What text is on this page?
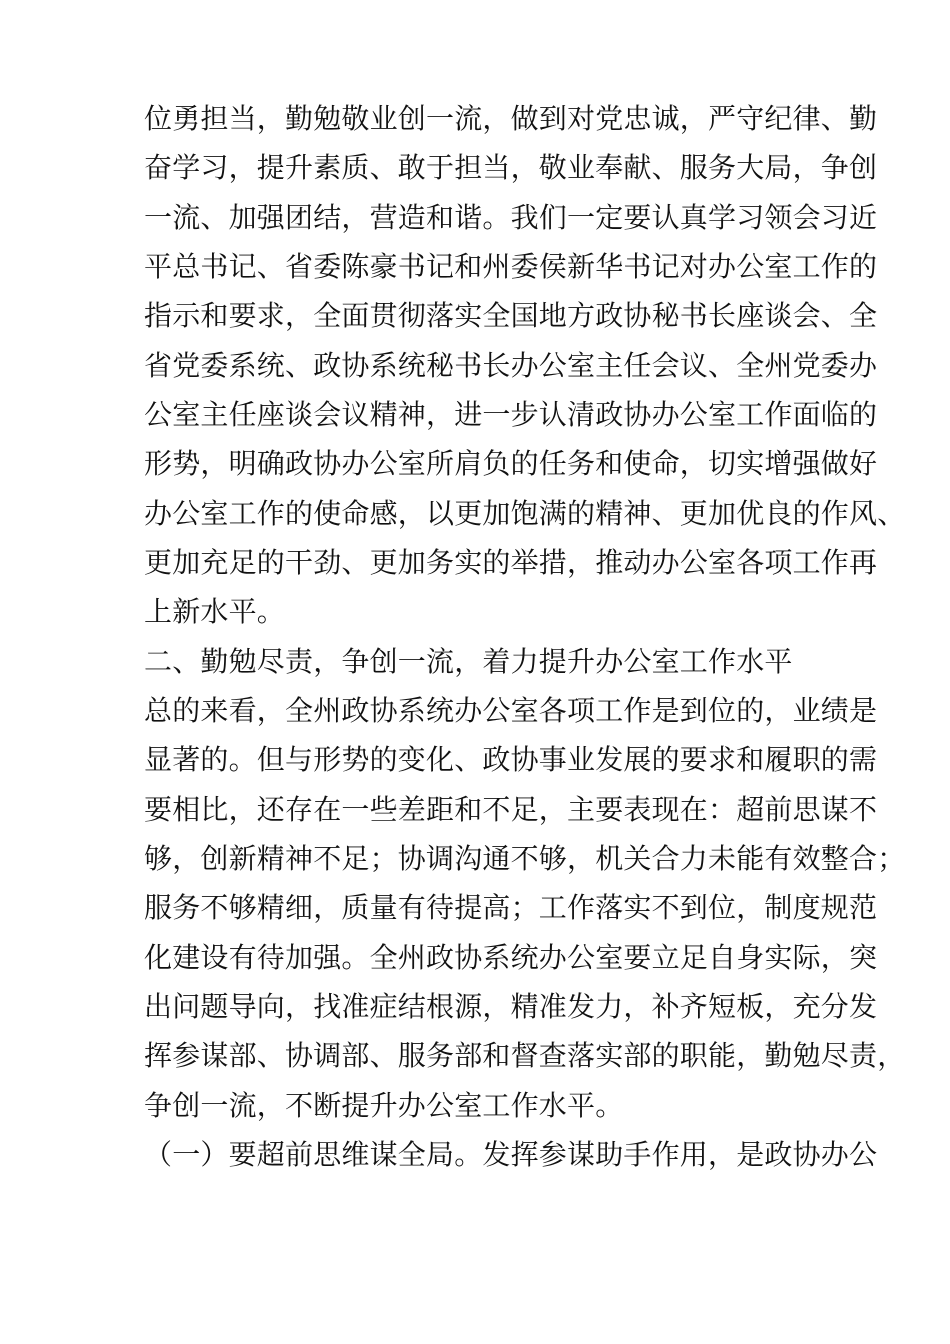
位勇担当，勤勉敬业创一流，做到对党忠诚，严守纪律、勤
奋学习，提升素质、敢于担当，敬业奉献、服务大局，争创
一流、加强团结，营造和谐。我们一定要认真学习领会习近
平总书记、省委陈豪书记和州委侯新华书记对办公室工作的
指示和要求，全面贯彻落实全国地方政协秘书长座谈会、全
省党委系统、政协系统秘书长办公室主任会议、全州党委办
公室主任座谈会议精神，进一步认清政协办公室工作面临的
形势，明确政协办公室所肩负的任务和使命，切实增强做好
办公室工作的使命感，以更加饱满的精神、更加优良的作风、
更加充足的干劲、更加务实的举措，推动办公室各项工作再
上新水平。
二、勤勉尽责，争创一流，着力提升办公室工作水平
总的来看，全州政协系统办公室各项工作是到位的，业绩是
显著的。但与形势的变化、政协事业发展的要求和履职的需
要相比，还存在一些差距和不足，主要表现在：超前思谋不
够，创新精神不足；协调沟通不够，机关合力未能有效整合；
服务不够精细，质量有待提高；工作落实不到位，制度规范
化建设有待加强。全州政协系统办公室要立足自身实际，突
出问题导向，找准症结根源，精准发力，补齐短板，充分发
挥参谋部、协调部、服务部和督查落实部的职能，勤勉尽责，
争创一流，不断提升办公室工作水平。
（一）要超前思维谋全局。发挥参谋助手作用，是政协办公
